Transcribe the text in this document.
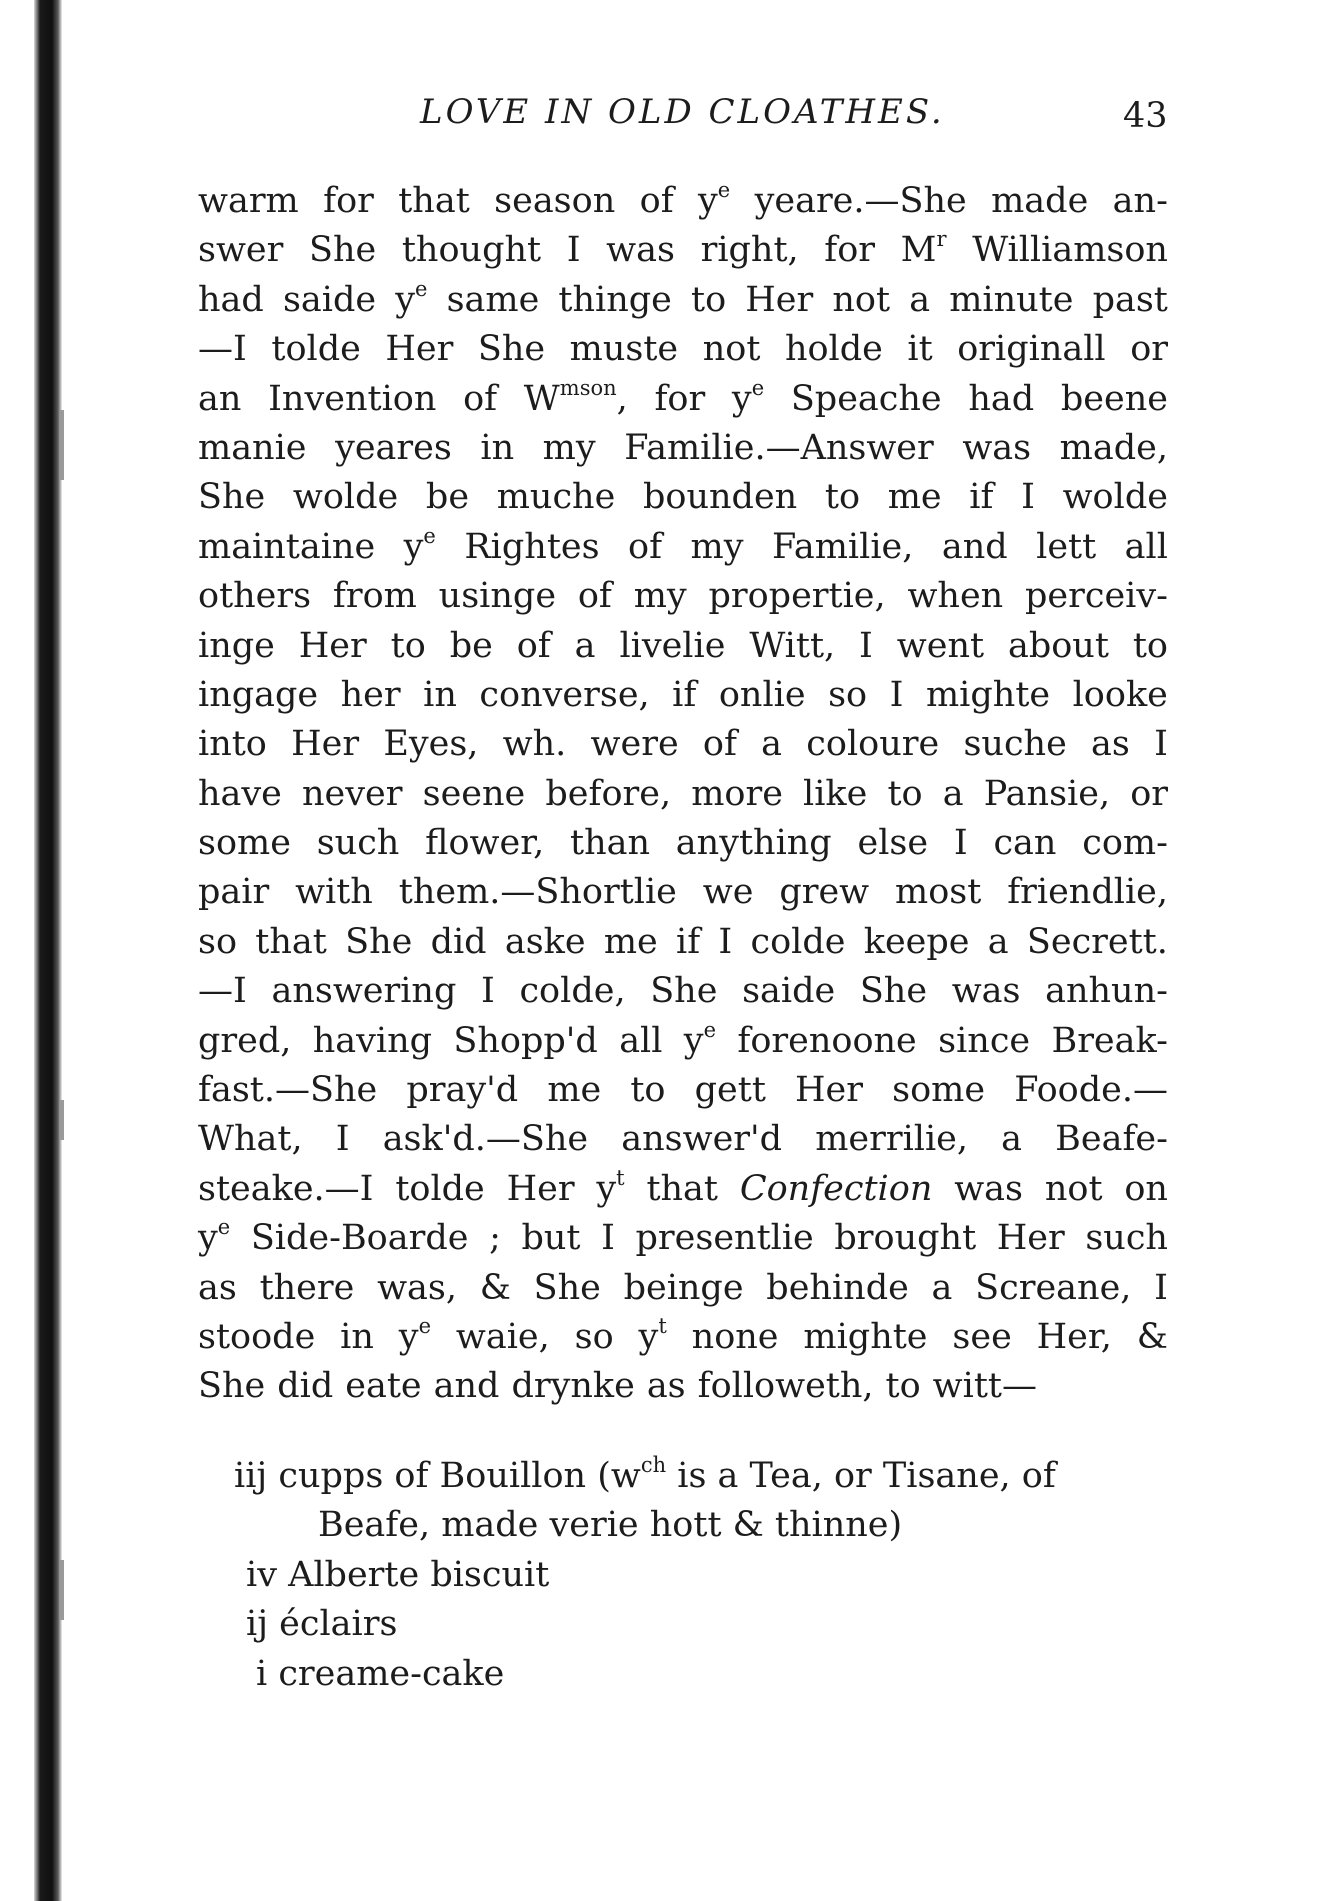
LOVE IN OLD CLOATHES.	43
warm for that season of $y^e$ yeare.—She made an-
swer She thought I was right, for $M^r$ Williamson
had saide $y^e$ same thinge to Her not a minute past
—I tolde Her She muste not holde it originall or
an Invention of $W^{mson}$, for $y^e$ Speache had beene
manie yeares in my Familie.—Answer was made,
She wolde be muche bounden to me if I wolde
maintaine $y^e$ Rightes of my Familie, and lett all
others from usinge of my propertie, when perceiv-
inge Her to be of a livelie Witt, I went about to
ingage her in converse, if onlie so I mighte looke
into Her Eyes, wh. were of a coloure suche as I
have never seene before, more like to a Pansie, or
some such flower, than anything else I can com-
pair with them.—Shortlie we grew most friendlie,
so that She did aske me if I colde keepe a Secrett.
—I answering I colde, She saide She was anhun-
gred, having Shopp'd all $y^e$ forenoone since Break-
fast.—She pray'd me to gett Her some Foode.—
What, I ask'd.—She answer'd merrilie, a Beafe-
steake.—I tolde Her $y^t$ that Confection was not on
$y^e$ Side-Boarde ; but I presentlie brought Her such
as there was, & She beinge behinde a Screane, I
stoode in $y^e$ waie, so $y^t$ none mighte see Her, &
She did eate and drynke as followeth, to witt—
iij cupps of Bouillon ($w^{ch}$ is a Tea, or Tisane, of
Beafe, made verie hott & thinne)
iv Alberte biscuit
ij éclairs
i creame-cake
